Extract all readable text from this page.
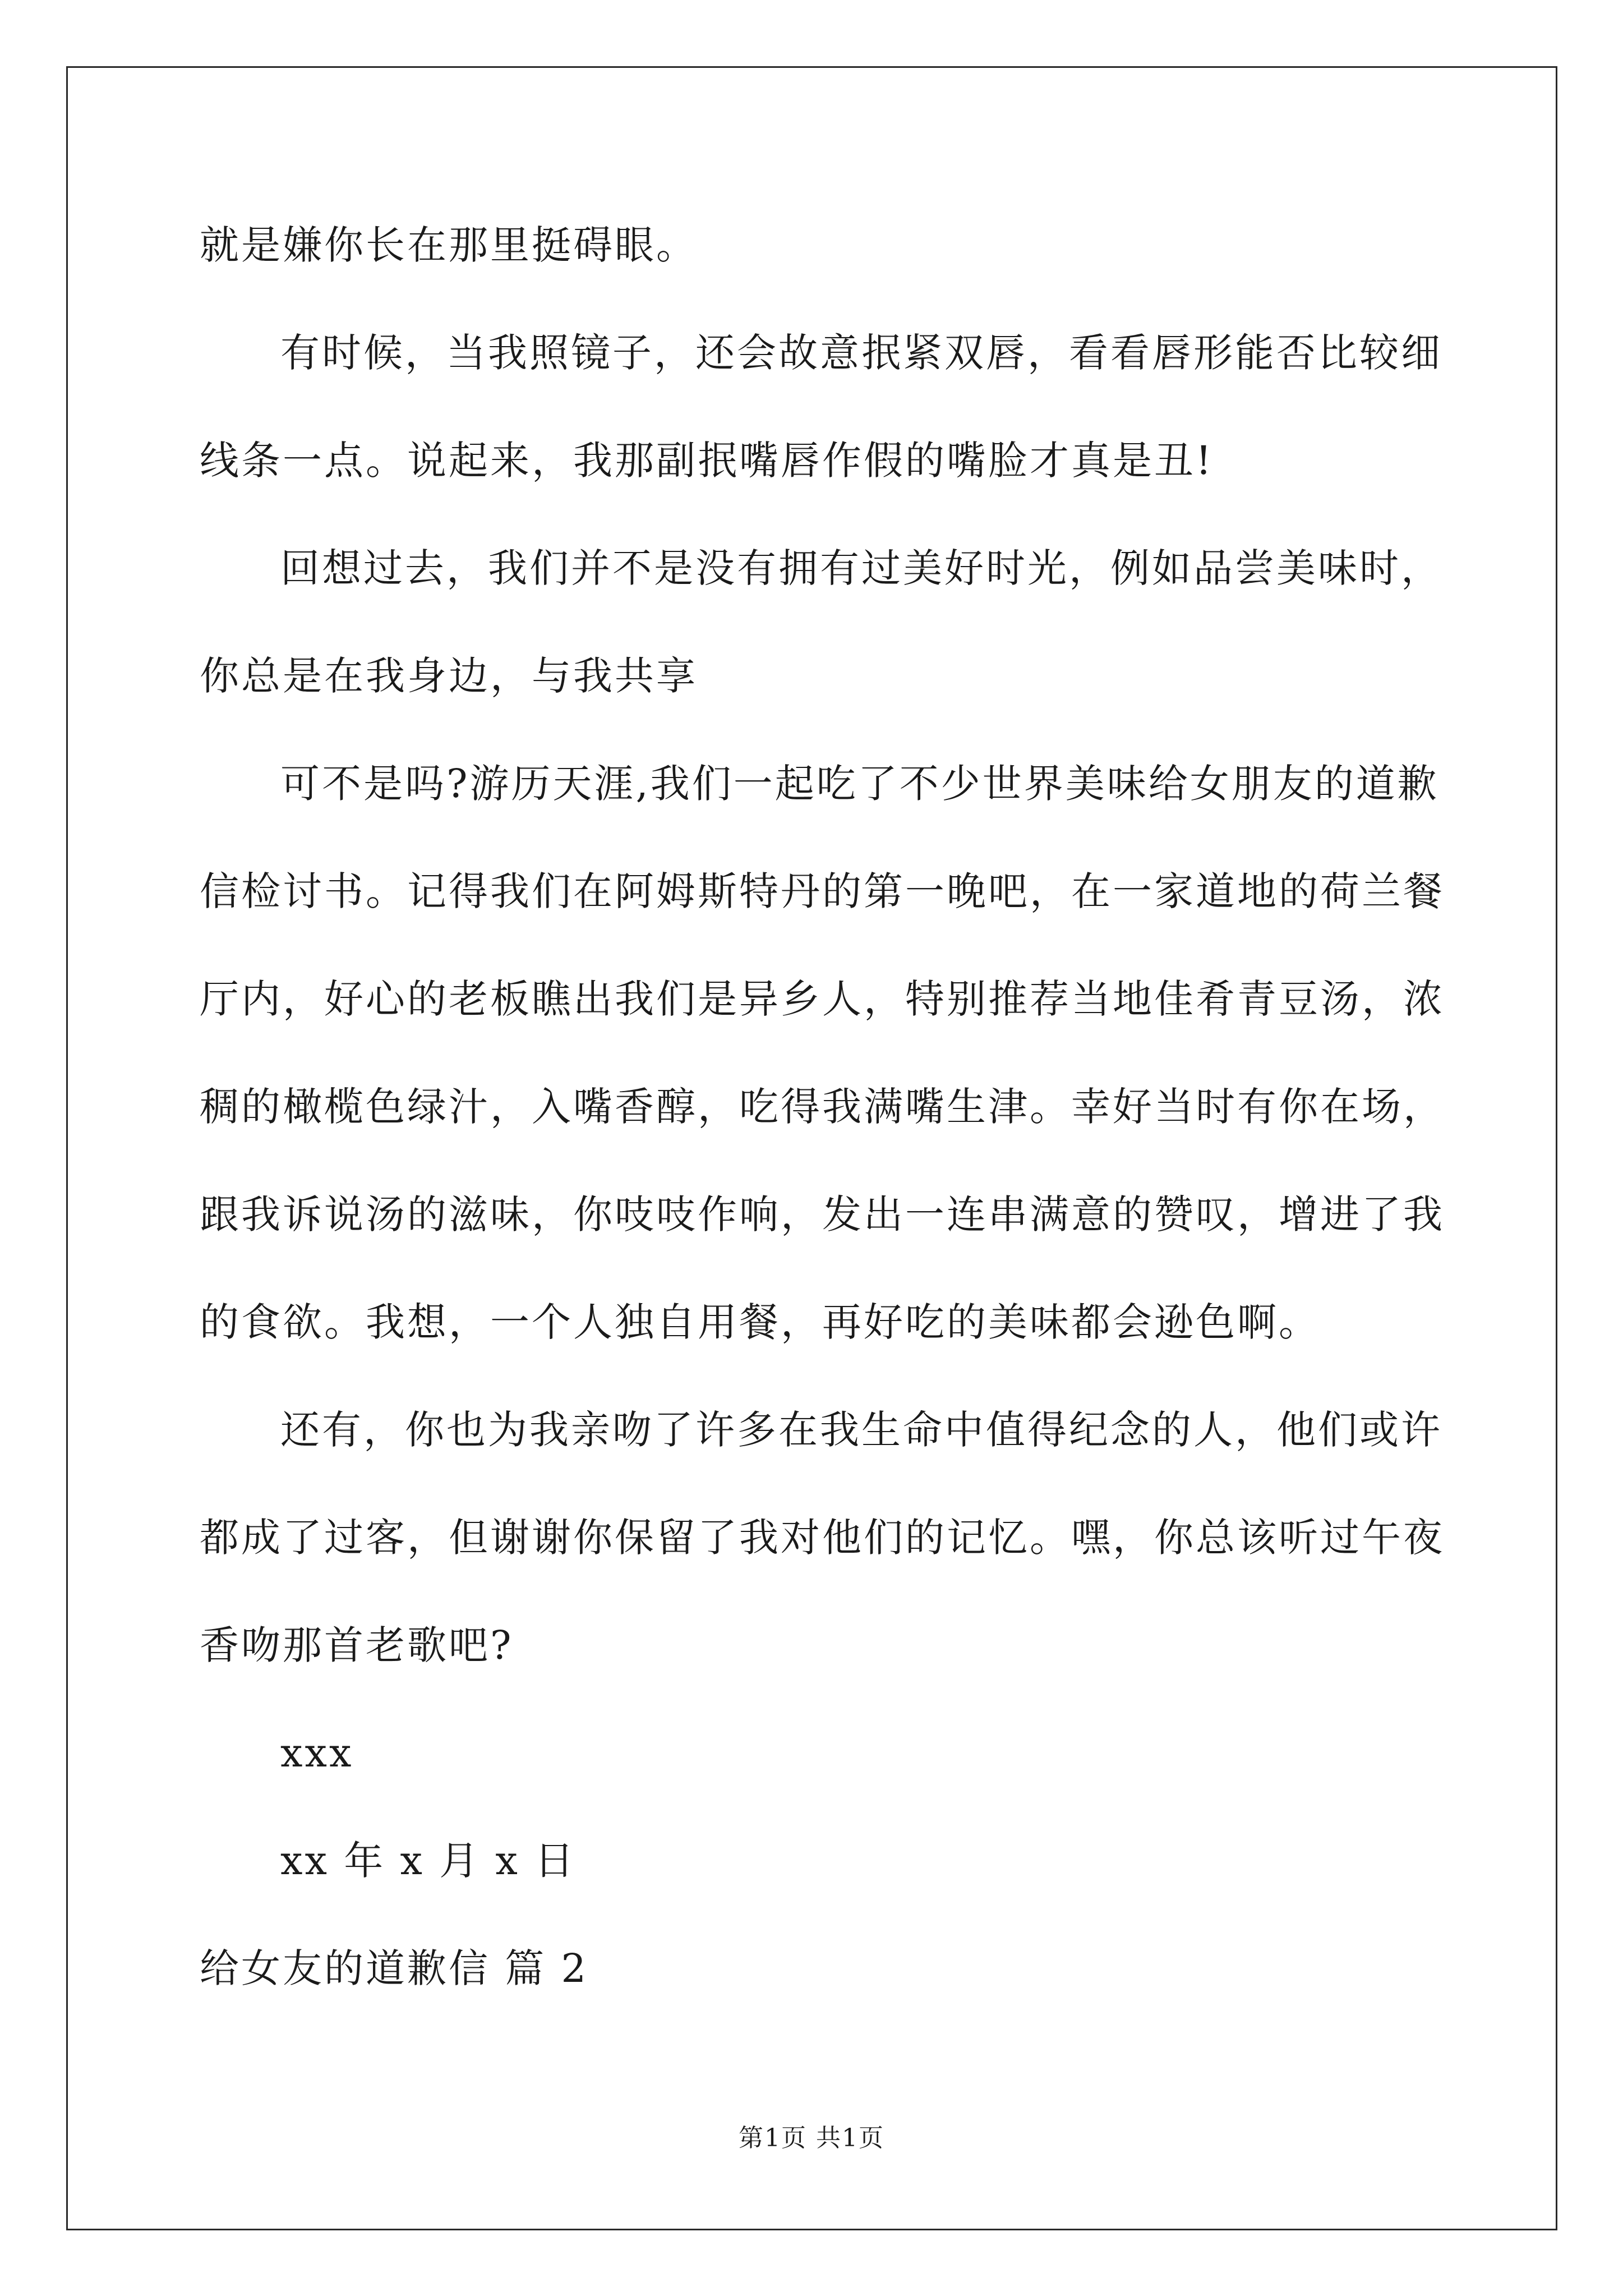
就是嫌你长在那里挺碍眼。

有时候，当我照镜子，还会故意抿紧双唇，看看唇形能否比较细

线条一点。说起来，我那副抿嘴唇作假的嘴脸才真是丑!

回想过去，我们并不是没有拥有过美好时光，例如品尝美味时，

你总是在我身边，与我共享

可不是吗?游历天涯,我们一起吃了不少世界美味给女朋友的道歉

信检讨书。记得我们在阿姆斯特丹的第一晚吧，在一家道地的荷兰餐

厅内，好心的老板瞧出我们是异乡人，特别推荐当地佳肴青豆汤，浓

稠的橄榄色绿汁，入嘴香醇，吃得我满嘴生津。幸好当时有你在场，

跟我诉说汤的滋味，你吱吱作响，发出一连串满意的赞叹，增进了我

的食欲。我想，一个人独自用餐，再好吃的美味都会逊色啊。

还有，你也为我亲吻了许多在我生命中值得纪念的人，他们或许

都成了过客，但谢谢你保留了我对他们的记忆。嘿，你总该听过午夜

香吻那首老歌吧?

xxx

xx 年 x 月 x 日

给女友的道歉信 篇 2

第1页 共1页
